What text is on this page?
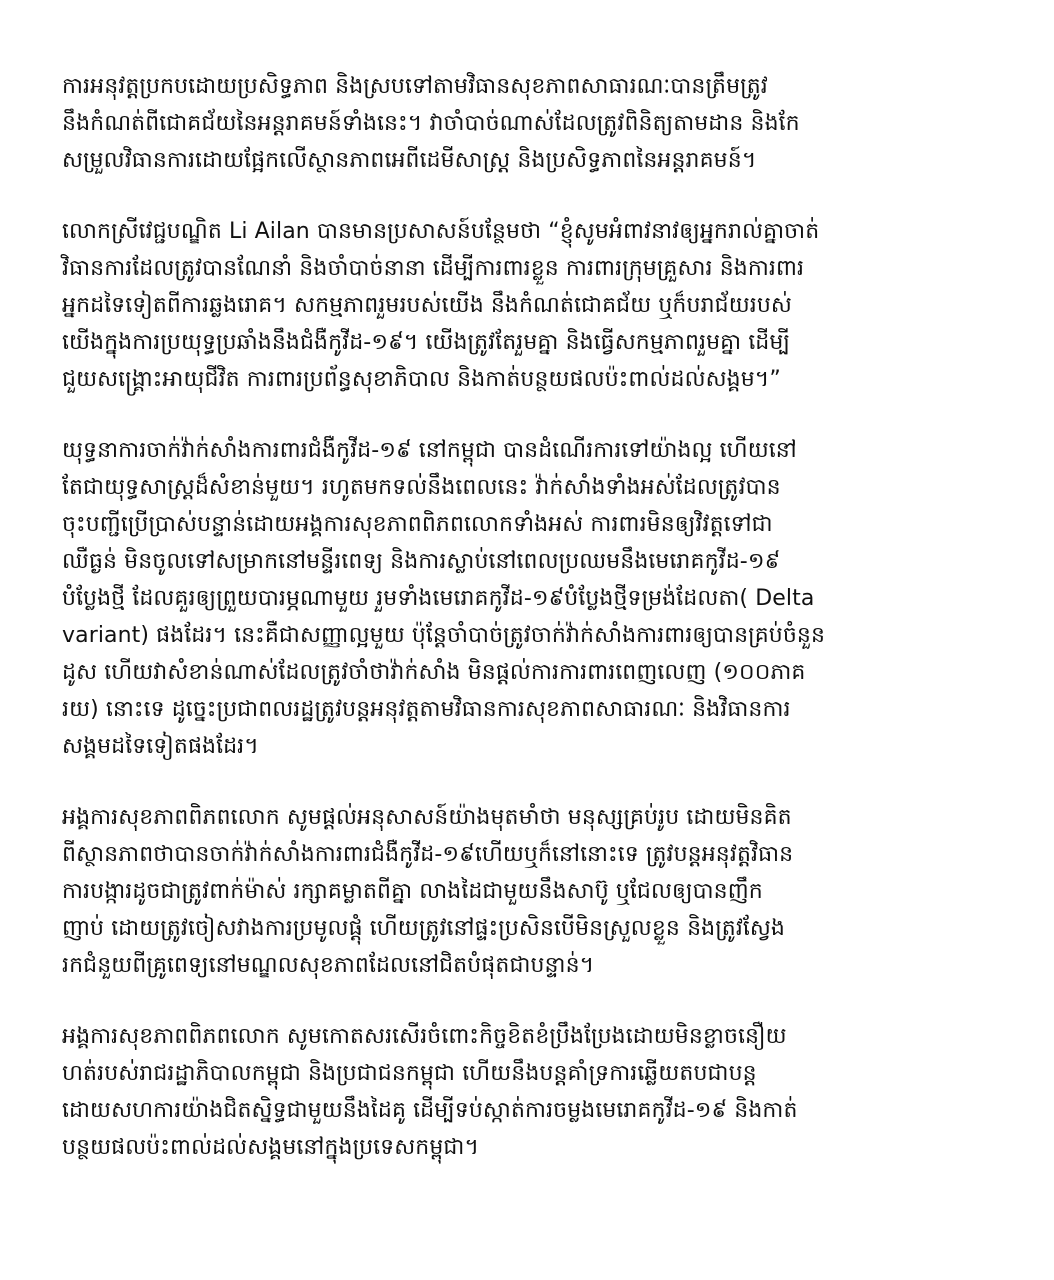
ការអនុវត្តប្រកបដោយប្រសិទ្ធភាព និងស្របទៅតាមវិធានសុខភាពសាធារណៈបានត្រឹមត្រូវ
នឹងកំណត់ពីជោគជ័យនៃអន្តរាគមន៍ទាំងនេះ។ វាចាំបាច់ណាស់ដែលត្រូវពិនិត្យតាមដាន និងកែ
សម្រួលវិធានការដោយផ្អែកលើស្ថានភាពអេពីដេមីសាស្ត្រ និងប្រសិទ្ធភាពនៃអន្តរាគមន៍។

លោកស្រីវេជ្ជបណ្ឌិត Li Ailan បានមានប្រសាសន៍បន្ថែមថា “ខ្ញុំសូមអំពាវនាវឲ្យអ្នករាល់គ្នាចាត់
វិធានការដែលត្រូវបានណែនាំ និងចាំបាច់នានា ដើម្បីការពារខ្លួន ការពារក្រុមគ្រួសារ និងការពារ
អ្នកដទៃទៀតពីការឆ្លងរោគ។ សកម្មភាពរួមរបស់យើង នឹងកំណត់ជោគជ័យ ឬក៏បរាជ័យរបស់
យើងក្នុងការប្រយុទ្ធប្រឆាំងនឹងជំងឺកូវីដ-១៩។ យើងត្រូវតែរួមគ្នា និងធ្វើសកម្មភាពរួមគ្នា ដើម្បី
ជួយសង្គ្រោះអាយុជីវិត ការពារប្រព័ន្ធសុខាភិបាល និងកាត់បន្ថយផលប៉ះពាល់ដល់សង្គម។”

យុទ្ធនាការចាក់វ៉ាក់សាំងការពារជំងឺកូវីដ-១៩ នៅកម្ពុជា បានដំណើរការទៅយ៉ាងល្អ ហើយនៅ
តែជាយុទ្ធសាស្ត្រដ៏សំខាន់មួយ។ រហូតមកទល់នឹងពេលនេះ វ៉ាក់សាំងទាំងអស់ដែលត្រូវបាន
ចុះបញ្ជីប្រើប្រាស់បន្ទាន់ដោយអង្គការសុខភាពពិភពលោកទាំងអស់ ការពារមិនឲ្យវិវត្តទៅជា
ឈឺធ្ងន់ មិនចូលទៅសម្រាកនៅមន្ទីរពេទ្យ និងការស្លាប់នៅពេលប្រឈមនឹងមេរោគកូវីដ-១៩
បំប្លែងថ្មី ដែលគួរឲ្យព្រួយបារម្ភណាមួយ រួមទាំងមេរោគកូវីដ-១៩បំប្លែងថ្មីទម្រង់ដែលតា( Delta
variant) ផងដែរ។ នេះគឺជាសញ្ញាល្អមួយ ប៉ុន្តែចាំបាច់ត្រូវចាក់វ៉ាក់សាំងការពារឲ្យបានគ្រប់ចំនួន
ដូស ហើយវាសំខាន់ណាស់ដែលត្រូវចាំថាវ៉ាក់សាំង មិនផ្តល់ការការពារពេញលេញ (១០០ភាគ
រយ) នោះទេ ដូច្នេះប្រជាពលរដ្ឋត្រូវបន្តអនុវត្តតាមវិធានការសុខភាពសាធារណៈ និងវិធានការ
សង្គមដទៃទៀតផងដែរ។

អង្គការសុខភាពពិភពលោក សូមផ្តល់អនុសាសន៍យ៉ាងមុតមាំថា មនុស្សគ្រប់រូប ដោយមិនគិត
ពីស្ថានភាពថាបានចាក់វ៉ាក់សាំងការពារជំងឺកូវីដ-១៩ហើយឬក៏នៅនោះទេ ត្រូវបន្តអនុវត្តវិធាន
ការបង្ការដូចជាត្រូវពាក់ម៉ាស់ រក្សាគម្លាតពីគ្នា លាងដៃជាមួយនឹងសាប៊ូ ឬជែលឲ្យបានញឹក
ញាប់ ដោយត្រូវចៀសវាងការប្រមូលផ្តុំ ហើយត្រូវនៅផ្ទះប្រសិនបើមិនស្រួលខ្លួន និងត្រូវស្វែង
រកជំនួយពីគ្រូពេទ្យនៅមណ្ឌលសុខភាពដែលនៅជិតបំផុតជាបន្ទាន់។

អង្គការសុខភាពពិភពលោក សូមកោតសរសើរចំពោះកិច្ចខិតខំប្រឹងប្រែងដោយមិនខ្លាចនឿយ
ហត់របស់រាជរដ្ឋាភិបាលកម្ពុជា និងប្រជាជនកម្ពុជា ហើយនឹងបន្តគាំទ្រការឆ្លើយតបជាបន្ត
ដោយសហការយ៉ាងជិតស្និទ្ធជាមួយនឹងដៃគូ ដើម្បីទប់ស្កាត់ការចម្លងមេរោគកូវីដ-១៩ និងកាត់
បន្ថយផលប៉ះពាល់ដល់សង្គមនៅក្នុងប្រទេសកម្ពុជា។
